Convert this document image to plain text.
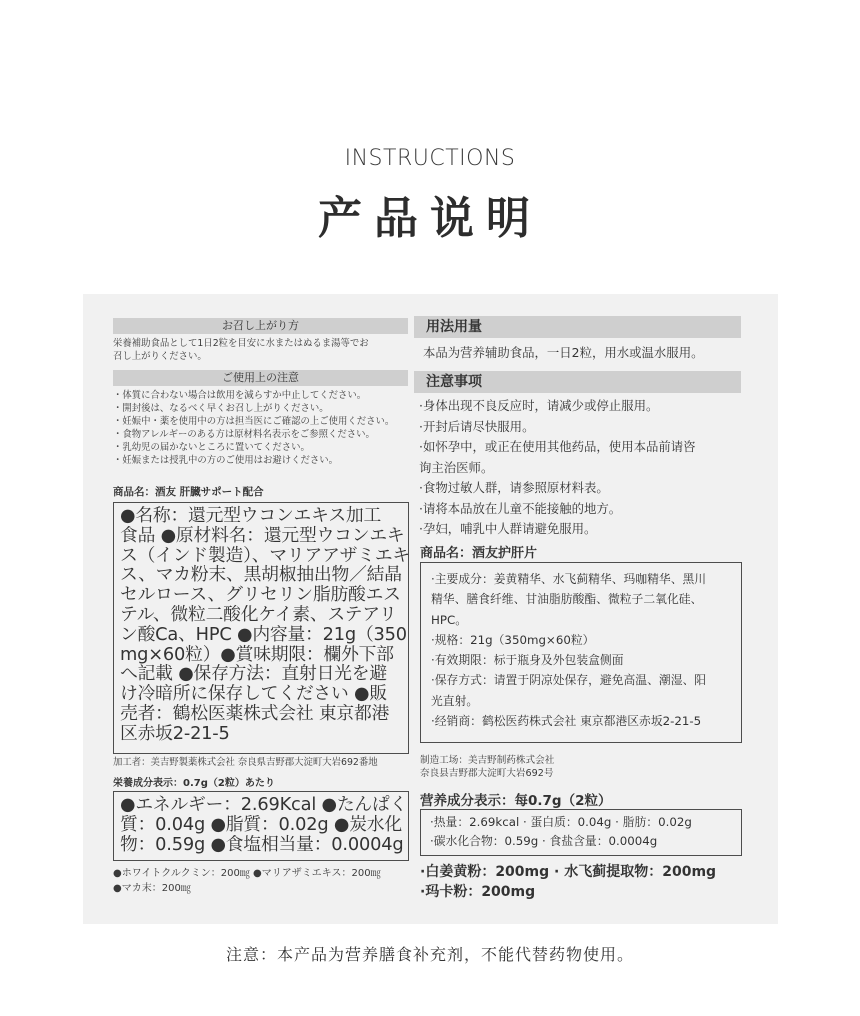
INSTRUCTIONS
产品说明
お召し上がり方
栄養補助食品として1日2粒を目安に水またはぬるま湯等でお
召し上がりください。
ご使用上の注意
・体質に合わない場合は飲用を減らすか中止してください。
・開封後は、なるべく早くお召し上がりください。
・妊娠中・薬を使用中の方は担当医にご確認の上ご使用ください。
・食物アレルギーのある方は原材料名表示をご参照ください。
・乳幼児の届かないところに置いてください。
・妊娠または授乳中の方のご使用はお避けください。
商品名：酒友 肝臓サポート配合
●名称：還元型ウコンエキス加工
食品 ●原材料名：還元型ウコンエキ
ス（インド製造）、マリアアザミエキ
ス、マカ粉末、黒胡椒抽出物／結晶
セルロース、グリセリン脂肪酸エス
テル、微粒二酸化ケイ素、ステアリ
ン酸Ca、HPC ●内容量：21g（350
mg×60粒）●賞味期限：欄外下部
へ記載 ●保存方法：直射日光を避
け冷暗所に保存してください ●販
売者：鶴松医薬株式会社 東京都港
区赤坂2-21-5
加工者：美吉野製薬株式会社 奈良県吉野郡大淀町大岩692番地
栄養成分表示：0.7g（2粒）あたり
●エネルギー：2.69Kcal ●たんぱく
質：0.04g ●脂質：0.02g ●炭水化
物：0.59g ●食塩相当量：0.0004g
●ホワイトクルクミン：200㎎ ●マリアザミエキス：200㎎
●マカ末：200㎎
用法用量
本品为营养辅助食品，一日2粒，用水或温水服用。
注意事项
·身体出现不良反应时，请减少或停止服用。
·开封后请尽快服用。
·如怀孕中，或正在使用其他药品，使用本品前请咨
询主治医师。
·食物过敏人群，请参照原材料表。
·请将本品放在儿童不能接触的地方。
·孕妇，哺乳中人群请避免服用。
商品名：酒友护肝片
·主要成分：姜黄精华、水飞蓟精华、玛咖精华、黑川
精华、膳食纤维、甘油脂肪酸酯、微粒子二氧化硅、
HPC。
·规格：21g（350mg×60粒）
·有效期限：标于瓶身及外包装盒侧面
·保存方式：请置于阴凉处保存，避免高温、潮湿、阳
光直射。
·经销商：鹤松医药株式会社 東京都港区赤坂2-21-5
制造工场：美吉野制药株式会社
奈良县吉野郡大淀町大岩692号
营养成分表示：每0.7g（2粒）
·热量：2.69kcal · 蛋白质：0.04g · 脂肪：0.02g
·碳水化合物：0.59g · 食盐含量：0.0004g
·白姜黄粉：200mg · 水飞蓟提取物：200mg
·玛卡粉：200mg
注意：本产品为营养膳食补充剂，不能代替药物使用。
